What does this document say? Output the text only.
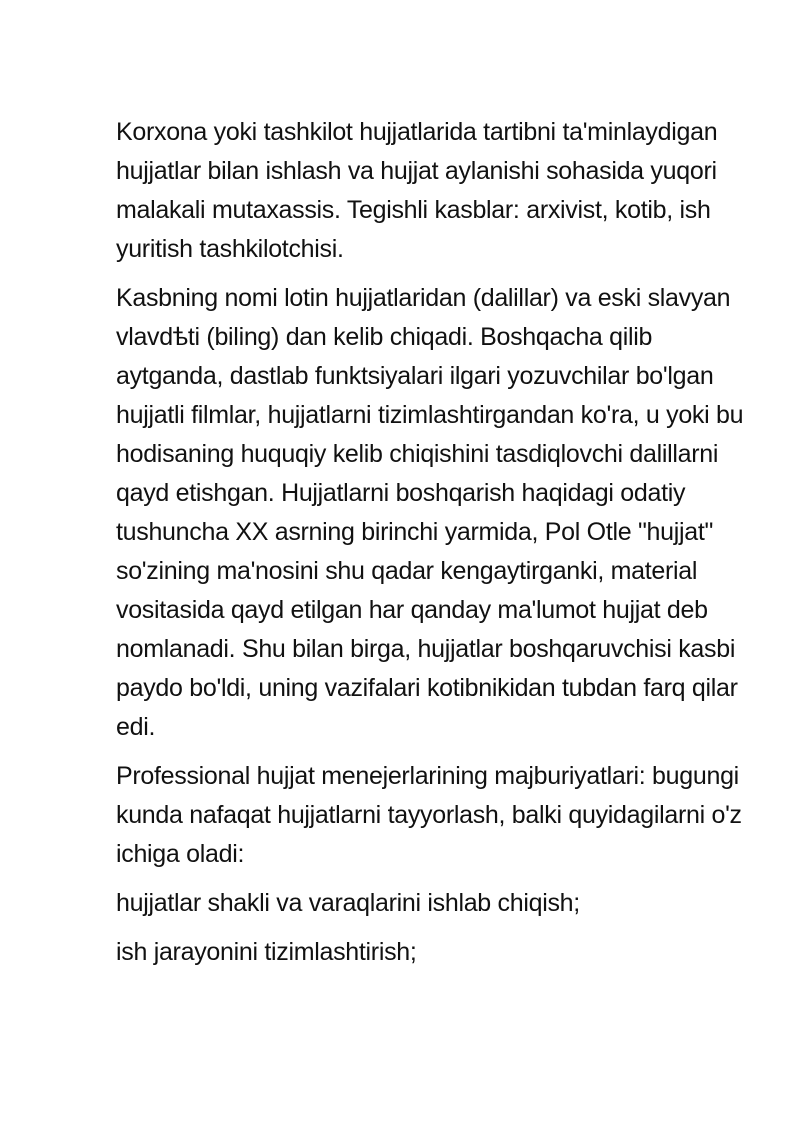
Korxona yoki tashkilot hujjatlarida tartibni ta'minlaydigan hujjatlar bilan ishlash va hujjat aylanishi sohasida yuqori malakali mutaxassis. Tegishli kasblar: arxivist, kotib, ish yuritish tashkilotchisi.

Kasbning nomi lotin hujjatlaridan (dalillar) va eski slavyan vlavdѣti (biling) dan kelib chiqadi. Boshqacha qilib aytganda, dastlab funktsiyalari ilgari yozuvchilar bo'lgan hujjatli filmlar, hujjatlarni tizimlashtirgandan ko'ra, u yoki bu hodisaning huquqiy kelib chiqishini tasdiqlovchi dalillarni qayd etishgan. Hujjatlarni boshqarish haqidagi odatiy tushuncha XX asrning birinchi yarmida, Pol Otle "hujjat" so'zining ma'nosini shu qadar kengaytirganki, material vositasida qayd etilgan har qanday ma'lumot hujjat deb nomlanadi. Shu bilan birga, hujjatlar boshqaruvchisi kasbi paydo bo'ldi, uning vazifalari kotibnikidan tubdan farq qilar edi.

Professional hujjat menejerlarining majburiyatlari: bugungi kunda nafaqat hujjatlarni tayyorlash, balki quyidagilarni o'z ichiga oladi:

hujjatlar shakli va varaqlarini ishlab chiqish;

ish jarayonini tizimlashtirish;
